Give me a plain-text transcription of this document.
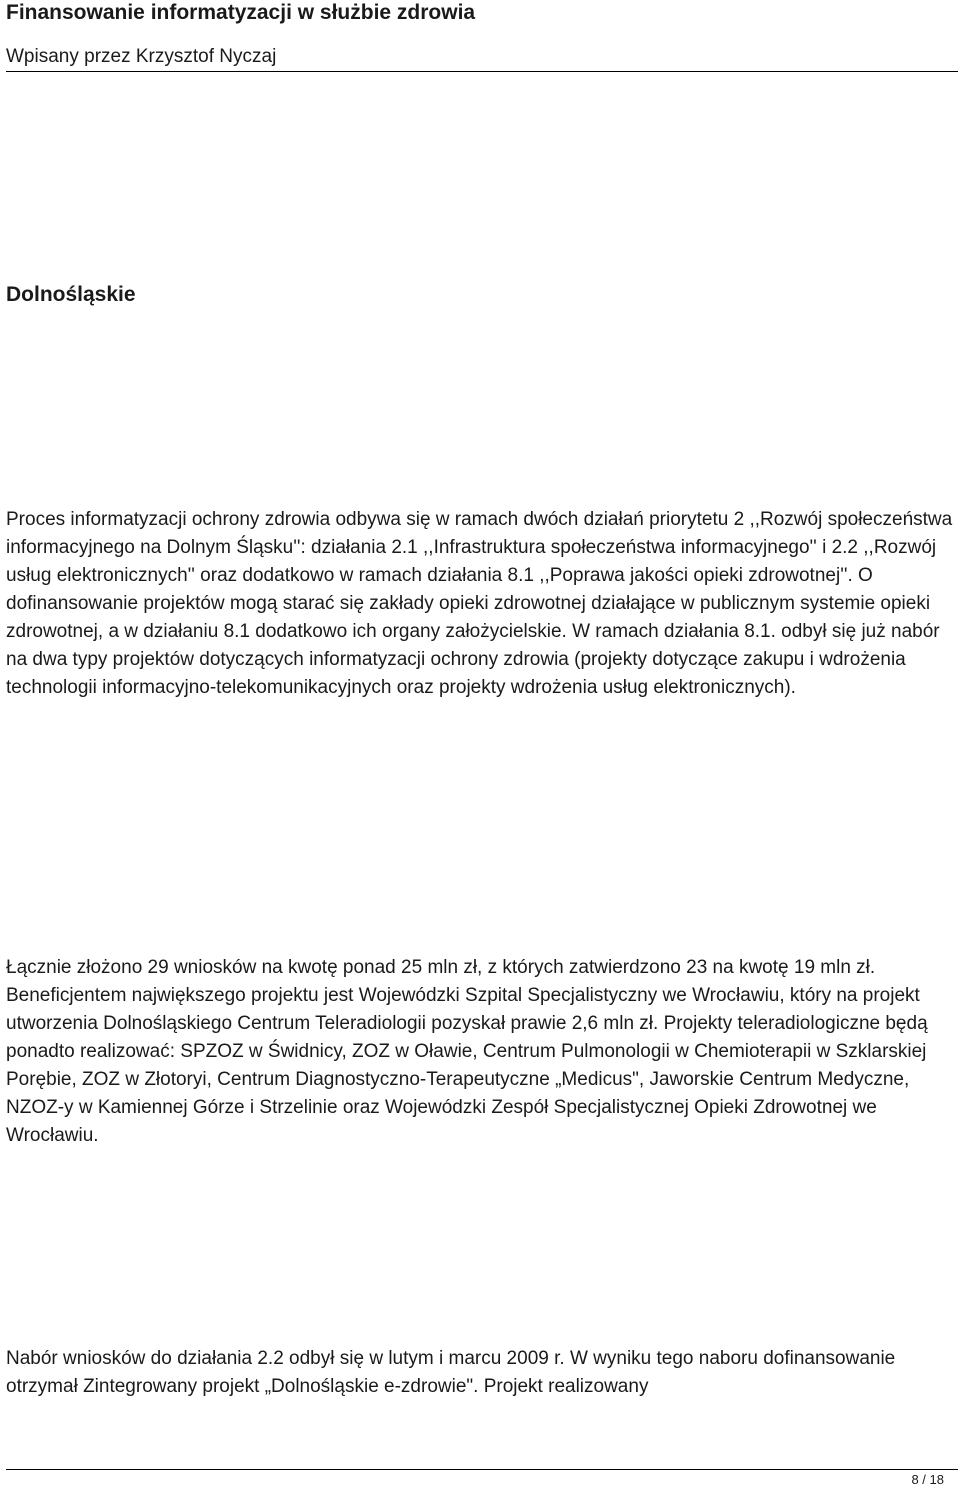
Finansowanie informatyzacji w służbie zdrowia
Wpisany przez Krzysztof Nyczaj
Dolnośląskie

Proces informatyzacji ochrony zdrowia odbywa się w ramach dwóch działań priorytetu 2 ,,Rozwój społeczeństwa informacyjnego na Dolnym Śląsku'': działania 2.1 ,,Infrastruktura społeczeństwa informacyjnego'' i 2.2 ,,Rozwój usług elektronicznych'' oraz dodatkowo w ramach działania 8.1 ,,Poprawa jakości opieki zdrowotnej''. O dofinansowanie projektów mogą starać się zakłady opieki zdrowotnej działające w publicznym systemie opieki zdrowotnej, a w działaniu 8.1 dodatkowo ich organy założycielskie. W ramach działania 8.1. odbył się już nabór na dwa typy projektów dotyczących informatyzacji ochrony zdrowia (projekty dotyczące zakupu i wdrożenia technologii informacyjno-telekomunikacyjnych oraz projekty wdrożenia usług elektronicznych).

Łącznie złożono 29 wniosków na kwotę ponad 25 mln zł, z których zatwierdzono 23 na kwotę 19 mln zł. Beneficjentem największego projektu jest Wojewódzki Szpital Specjalistyczny we Wrocławiu, który na projekt utworzenia Dolnośląskiego Centrum Teleradiologii pozyskał prawie 2,6 mln zł. Projekty teleradiologiczne będą ponadto realizować: SPZOZ w Świdnicy, ZOZ w Oławie, Centrum Pulmonologii w Chemioterapii w Szklarskiej Porębie, ZOZ w Złotoryi, Centrum Diagnostyczno-Terapeutyczne „Medicus", Jaworskie Centrum Medyczne, NZOZ-y w Kamiennej Górze i Strzelinie oraz Wojewódzki Zespół Specjalistycznej Opieki Zdrowotnej we Wrocławiu.

Nabór wniosków do działania 2.2 odbył się w lutym i marcu 2009 r. W wyniku tego naboru dofinansowanie otrzymał Zintegrowany projekt „Dolnośląskie e-zdrowie". Projekt realizowany

8 / 18
